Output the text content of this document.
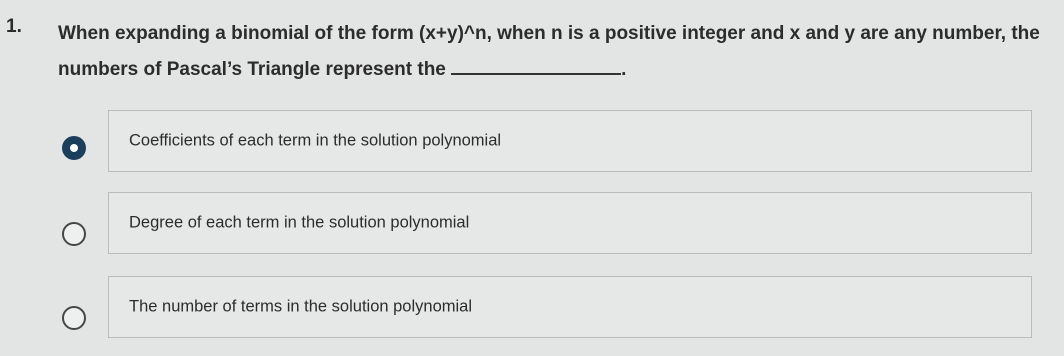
1. When expanding a binomial of the form (x+y)^n, when n is a positive integer and x and y are any number, the numbers of Pascal’s Triangle represent the	.
Coefficients of each term in the solution polynomial
Degree of each term in the solution polynomial
The number of terms in the solution polynomial
